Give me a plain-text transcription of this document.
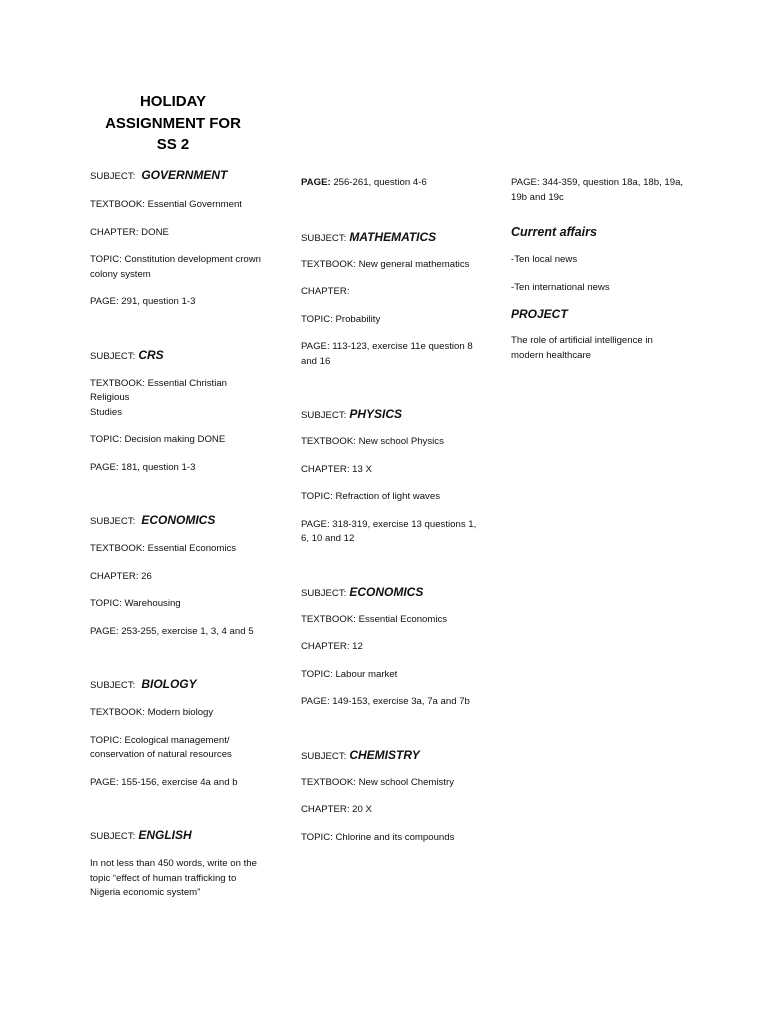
HOLIDAY
ASSIGNMENT FOR
SS 2
SUBJECT: GOVERNMENT
TEXTBOOK: Essential Government
CHAPTER: DONE
TOPIC: Constitution development crown
colony system
PAGE: 291, question 1-3
SUBJECT: CRS
TEXTBOOK: Essential Christian Religious
Studies
TOPIC: Decision making DONE
PAGE: 181, question 1-3
SUBJECT: ECONOMICS
TEXTBOOK: Essential Economics
CHAPTER: 26
TOPIC: Warehousing
PAGE: 253-255, exercise 1, 3, 4 and 5
SUBJECT: BIOLOGY
TEXTBOOK: Modern biology
TOPIC: Ecological management/
conservation of natural resources
PAGE: 155-156, exercise 4a and b
SUBJECT: ENGLISH
In not less than 450 words, write on the
topic “effect of human trafficking to
Nigeria economic system”
PAGE: 256-261, question 4-6
SUBJECT: MATHEMATICS
TEXTBOOK: New general mathematics
CHAPTER:
TOPIC: Probability
PAGE: 113-123, exercise 11e question 8
and 16
SUBJECT: PHYSICS
TEXTBOOK: New school Physics
CHAPTER: 13 X
TOPIC: Refraction of light waves
PAGE: 318-319, exercise 13 questions 1,
6, 10 and 12
SUBJECT: ECONOMICS
TEXTBOOK: Essential Economics
CHAPTER: 12
TOPIC: Labour market
PAGE: 149-153, exercise 3a, 7a and 7b
SUBJECT: CHEMISTRY
TEXTBOOK: New school Chemistry
CHAPTER: 20 X
TOPIC: Chlorine and its compounds
PAGE: 344-359, question 18a, 18b, 19a,
19b and 19c
Current affairs
-Ten local news
-Ten international news
PROJECT
The role of artificial intelligence in
modern healthcare
